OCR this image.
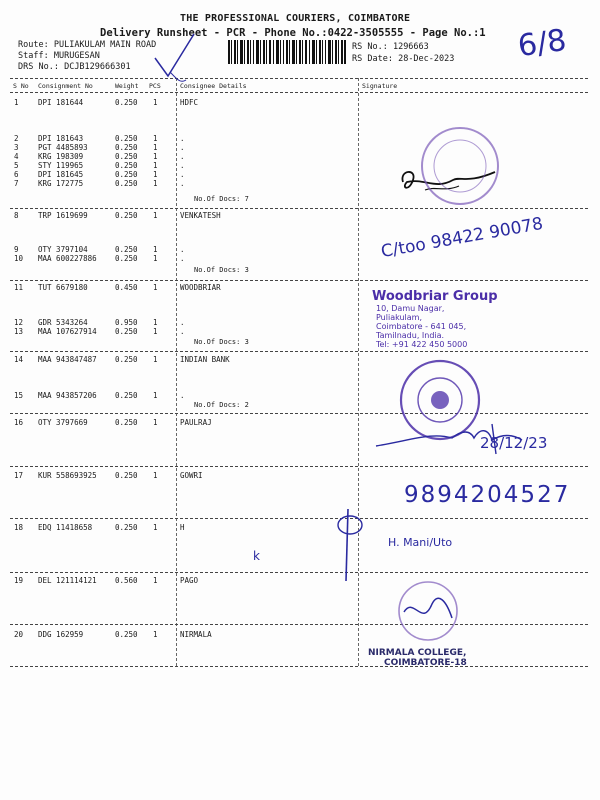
THE PROFESSIONAL COURIERS, COIMBATORE
Delivery Runsheet - PCR - Phone No.:0422-3505555 - Page No.:1
Route: PULIAKULAM MAIN ROAD
Staff: MURUGESAN
DRS No.: DCJB129666301
RS No.: 1296663
RS Date: 28-Dec-2023
S No Consignment No	Weight PCS	Consignee Details	Signature
1	DPI 181644	0.250 1	HDFC
2	DPI 181643	0.250 1	.
3	PGT 4485893	0.250 1	.
4	KRG 198309	0.250 1	.
5	STY 119965	0.250 1	.
6	DPI 181645	0.250 1	.
7	KRG 172775	0.250 1	.
8	TRP 1619699	0.250 1	VENKATESH
9	OTY 3797104	0.250 1	.
10 MAA 600227886 0.250 1	.
11 TUT 6679180	0.450 1	WOODBRIAR
12 GDR 5343264	0.950 1	.
13 MAA 107627914 0.250 1	.
14 MAA 943847487 0.250 1	INDIAN BANK
15 MAA 943857206 0.250 1	.
16 OTY 3797669	0.250 1	PAULRAJ
17 KUR 558693925 0.250 1	GOWRI
18 EDQ 11418658	0.250 1	H
19 DEL 121114121 0.560 1	PAGO
20 DDG 162959	0.250 1	NIRMALA
No.Of Docs: 7
No.Of Docs: 3
No.Of Docs: 3
No.Of Docs: 2
6/8
C/too 98422 90078
Woodbriar Group
10, Damu Nagar,
Puliakulam,
Coimbatore - 641 045,
Tamilnadu, India.
Tel: +91 422 450 5000
28/12/23
9894204527
k
H. Mani/Uto
NIRMALA COLLEGE,
COIMBATORE-18
